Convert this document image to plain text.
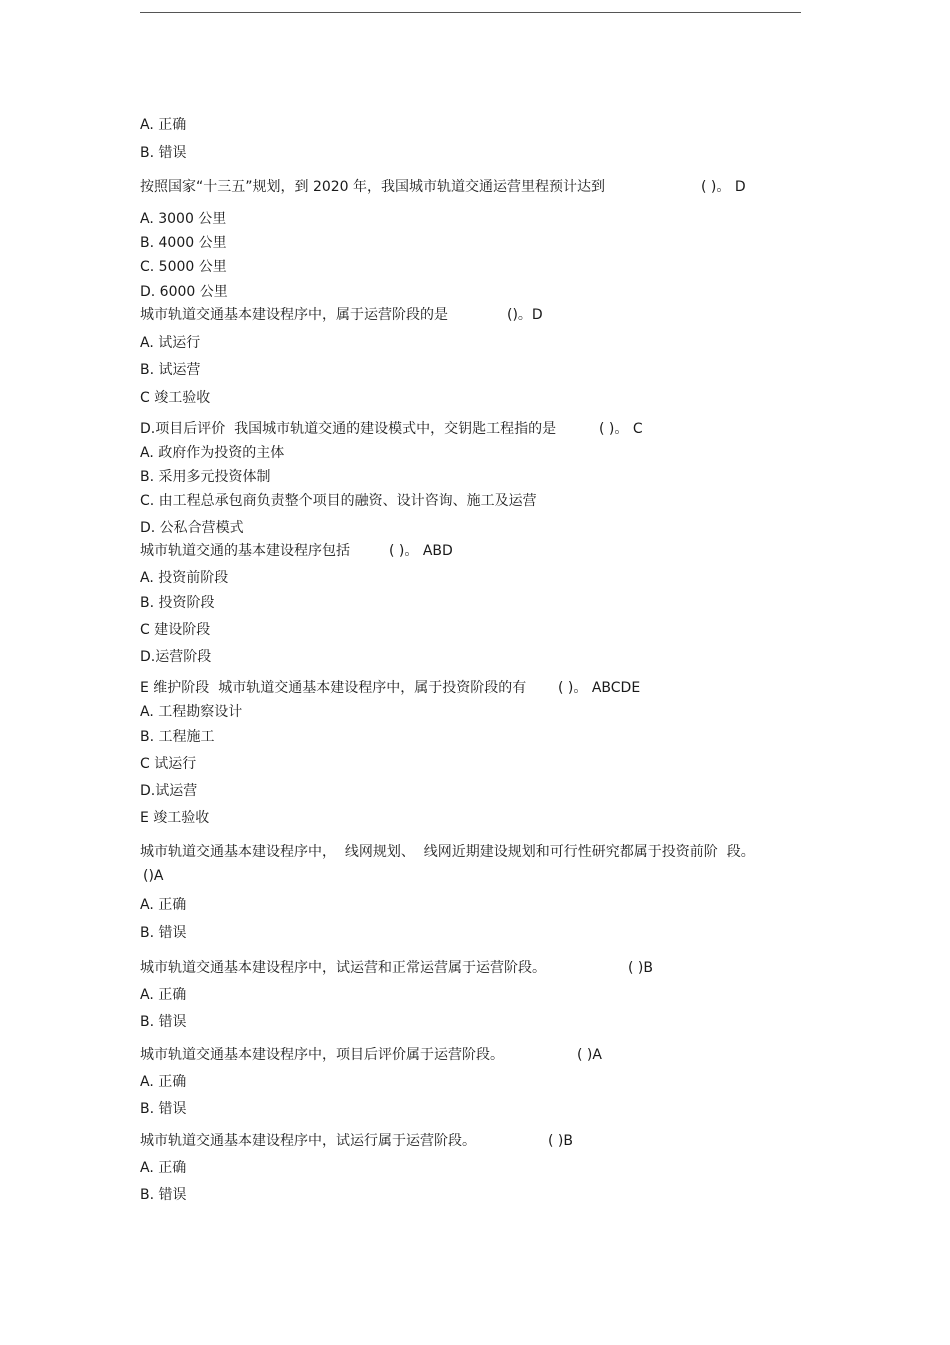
A. 正确
B. 错误
按照国家“十三五”规划，到 2020 年，我国城市轨道交通运营里程预计达到	( )。 D
A. 3000 公里
B. 4000 公里
C. 5000 公里
D. 6000 公里
城市轨道交通基本建设程序中，属于运营阶段的是	()。D
A. 试运行
B. 试运营
C 竣工验收
D.项目后评价  我国城市轨道交通的建设模式中，交钥匙工程指的是	( )。 C
A. 政府作为投资的主体
B. 采用多元投资体制
C. 由工程总承包商负责整个项目的融资、设计咨询、施工及运营
D. 公私合营模式
城市轨道交通的基本建设程序包括	( )。 ABD
A. 投资前阶段
B. 投资阶段
C 建设阶段
D.运营阶段
E 维护阶段  城市轨道交通基本建设程序中，属于投资阶段的有 ( )。 ABCDE
A. 工程勘察设计
B. 工程施工
C 试运行
D.试运营
E 竣工验收
城市轨道交通基本建设程序中，  线网规划、  线网近期建设规划和可行性研究都属于投资前阶  段。
()A
A. 正确
B. 错误
城市轨道交通基本建设程序中，试运营和正常运营属于运营阶段。	( )B
A. 正确
B. 错误
城市轨道交通基本建设程序中，项目后评价属于运营阶段。	( )A
A. 正确
B. 错误
城市轨道交通基本建设程序中，试运行属于运营阶段。	( )B
A. 正确
B. 错误
